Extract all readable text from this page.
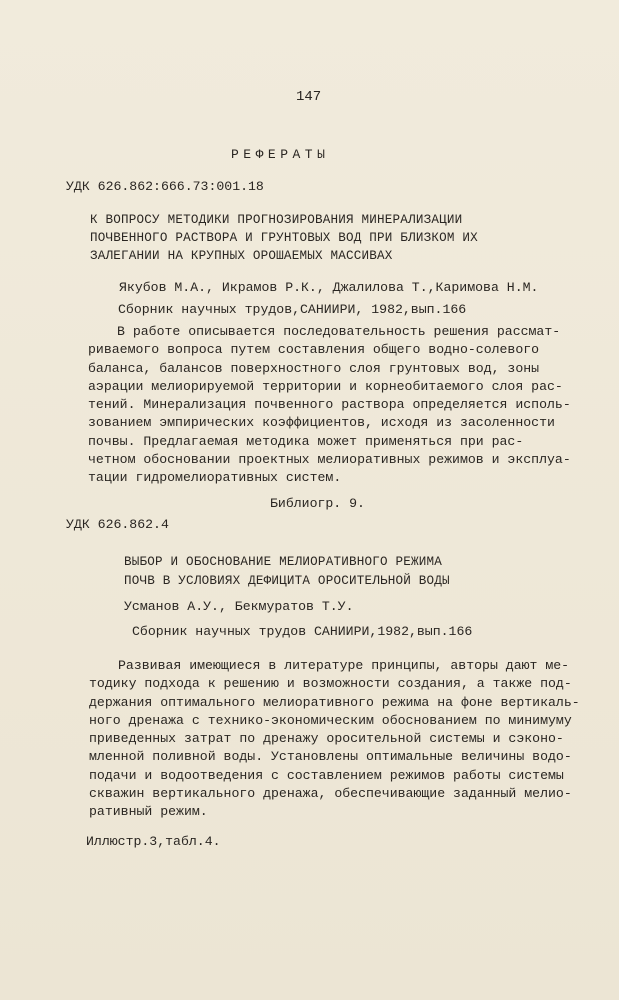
147
РЕФЕРАТЫ
УДК 626.862:666.73:001.18
К ВОПРОСУ МЕТОДИКИ ПРОГНОЗИРОВАНИЯ МИНЕРАЛИЗАЦИИ
ПОЧВЕННОГО РАСТВОРА И ГРУНТОВЫХ ВОД ПРИ БЛИЗКОМ ИХ
ЗАЛЕГАНИИ НА КРУПНЫХ ОРОШАЕМЫХ МАССИВАХ
Якубов М.А., Икрамов Р.К., Джалилова Т.,Каримова Н.М.
Сборник научных трудов,САНИИРИ, 1982,вып.166
В работе описывается последовательность решения рассмат-
риваемого вопроса путем составления общего водно-солевого
баланса, балансов поверхностного слоя грунтовых вод, зоны
аэрации мелиорируемой территории и корнеобитаемого слоя рас-
тений. Минерализация почвенного раствора определяется исполь-
зованием эмпирических коэффициентов, исходя из засоленности
почвы. Предлагаемая методика может применяться при рас-
четном обосновании проектных мелиоративных режимов и эксплуа-
тации гидромелиоративных систем.
Библиогр. 9.
УДК 626.862.4
ВЫБОР И ОБОСНОВАНИЕ МЕЛИОРАТИВНОГО РЕЖИМА
ПОЧВ В УСЛОВИЯХ ДЕФИЦИТА ОРОСИТЕЛЬНОЙ ВОДЫ
Усманов А.У., Бекмуратов Т.У.
Сборник научных трудов САНИИРИ,1982,вып.166
Развивая имеющиеся в литературе принципы, авторы дают ме-
тодику подхода к решению и возможности создания, а также под-
держания оптимального мелиоративного режима на фоне вертикаль-
ного дренажа с технико-экономическим обоснованием по минимуму
приведенных затрат по дренажу оросительной системы и сэконо-
мленной поливной воды. Установлены оптимальные величины водо-
подачи и водоотведения с составлением режимов работы системы
скважин вертикального дренажа, обеспечивающие заданный мелио-
ративный режим.
Иллюстр.3,табл.4.
